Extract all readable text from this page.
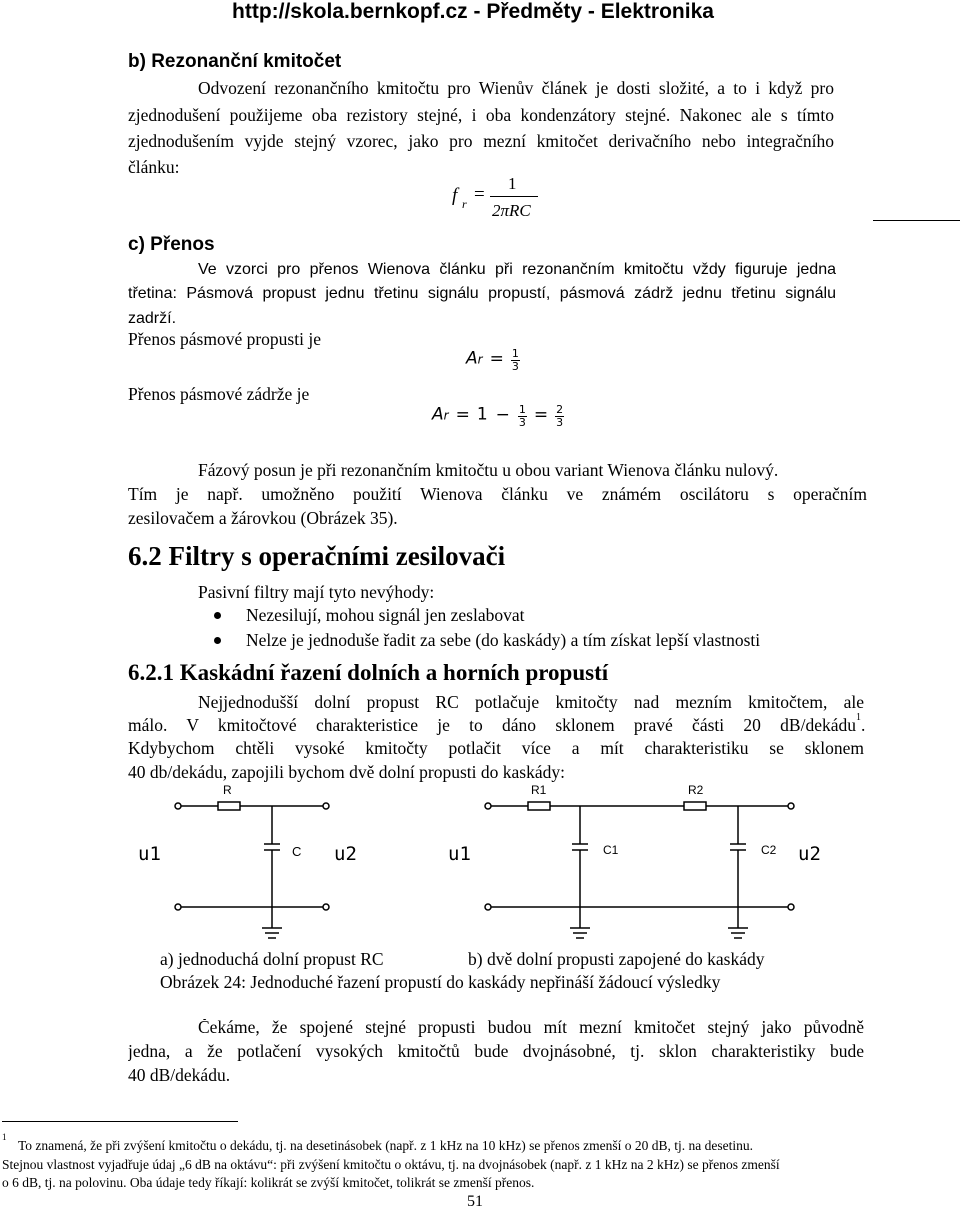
http://skola.bernkopf.cz - Předměty - Elektronika
b) Rezonanční kmitočet
Odvození rezonančního kmitočtu pro Wienův článek je dosti složité, a to i když pro
zjednodušení použijeme oba rezistory stejné, i oba kondenzátory stejné. Nakonec ale s tímto
zjednodušením vyjde stejný vzorec, jako pro mezní kmitočet derivačního nebo integračního
článku:
f r =
1
2πRC
c) Přenos
Ve vzorci pro přenos Wienova článku při rezonančním kmitočtu vždy figuruje jedna
třetina: Pásmová propust jednu třetinu signálu propustí, pásmová zádrž jednu třetinu signálu
zadrží.
Přenos pásmové propusti je
$Ar = \frac{1}{3}$
Přenos pásmové zádrže je
$Ar = 1 - \frac{1}{3} = \frac{2}{3}$
Fázový posun je při rezonančním kmitočtu u obou variant Wienova článku nulový.
Tím je např. umožněno použití Wienova článku ve známém oscilátoru s operačním
zesilovačem a žárovkou (Obrázek 35).
6.2 Filtry s operačními zesilovači
Pasivní filtry mají tyto nevýhody:
Nezesilují, mohou signál jen zeslabovat
Nelze je jednoduše řadit za sebe (do kaskády) a tím získat lepší vlastnosti
6.2.1 Kaskádní řazení dolních a horních propustí
Nejjednodušší dolní propust RC potlačuje kmitočty nad mezním kmitočtem, ale
málo. V kmitočtové charakteristice je to dáno sklonem pravé části 20 dB/dekádu$^1$ .
Kdybychom chtěli vysoké kmitočty potlačit více a mít charakteristiku se sklonem
40 db/dekádu, zapojili bychom dvě dolní propusti do kaskády:
R
C
u1	u2
R1	R2
C1	C2
u1	u2
a) jednoduchá dolní propust RC	b) dvě dolní propusti zapojené do kaskády
Obrázek 24: Jednoduché řazení propustí do kaskády nepřináší žádoucí výsledky
Čekáme, že spojené stejné propusti budou mít mezní kmitočet stejný jako původně
jedna, a že potlačení vysokých kmitočtů bude dvojnásobné, tj. sklon charakteristiky bude
40 dB/dekádu.
1
To znamená, že při zvýšení kmitočtu o dekádu, tj. na desetinásobek (např. z 1 kHz na 10 kHz) se přenos zmenší o 20 dB, tj. na desetinu.
Stejnou vlastnost vyjadřuje údaj „6 dB na oktávu“: při zvýšení kmitočtu o oktávu, tj. na dvojnásobek (např. z 1 kHz na 2 kHz) se přenos zmenší
o 6 dB, tj. na polovinu. Oba údaje tedy říkají: kolikrát se zvýší kmitočet, tolikrát se zmenší přenos.
51
